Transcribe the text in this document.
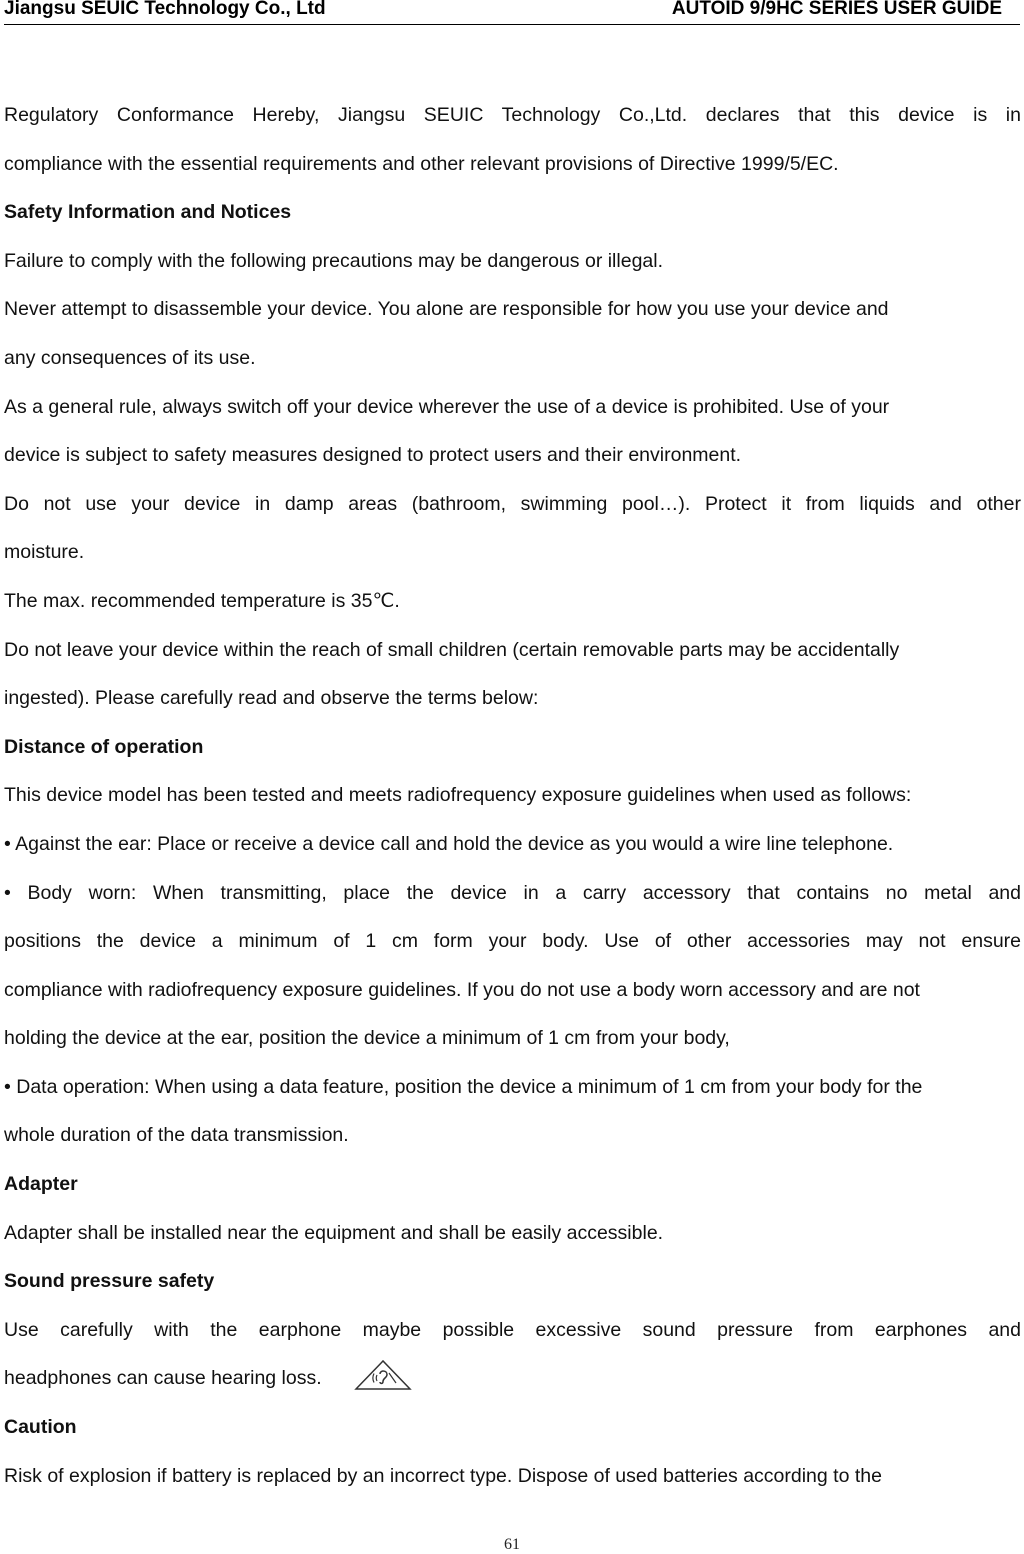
Jiangsu SEUIC Technology Co., Ltd	AUTOID 9/9HC SERIES USER GUIDE
Regulatory Conformance Hereby, Jiangsu SEUIC Technology Co.,Ltd. declares that this device is in
compliance with the essential requirements and other relevant provisions of Directive 1999/5/EC.
Safety Information and Notices
Failure to comply with the following precautions may be dangerous or illegal.
Never attempt to disassemble your device. You alone are responsible for how you use your device and
any consequences of its use.
As a general rule, always switch off your device wherever the use of a device is prohibited. Use of your
device is subject to safety measures designed to protect users and their environment.
Do not use your device in damp areas (bathroom, swimming pool…). Protect it from liquids and other
moisture.
The max. recommended temperature is 35℃.
Do not leave your device within the reach of small children (certain removable parts may be accidentally
ingested). Please carefully read and observe the terms below:
Distance of operation
This device model has been tested and meets radiofrequency exposure guidelines when used as follows:
• Against the ear: Place or receive a device call and hold the device as you would a wire line telephone.
• Body worn: When transmitting, place the device in a carry accessory that contains no metal and
positions the device a minimum of 1 cm form your body. Use of other accessories may not ensure
compliance with radiofrequency exposure guidelines. If you do not use a body worn accessory and are not
holding the device at the ear, position the device a minimum of 1 cm from your body,
• Data operation: When using a data feature, position the device a minimum of 1 cm from your body for the
whole duration of the data transmission.
Adapter
Adapter shall be installed near the equipment and shall be easily accessible.
Sound pressure safety
Use carefully with the earphone maybe possible excessive sound pressure from earphones and
headphones can cause hearing loss.
Caution
Risk of explosion if battery is replaced by an incorrect type. Dispose of used batteries according to the
61
